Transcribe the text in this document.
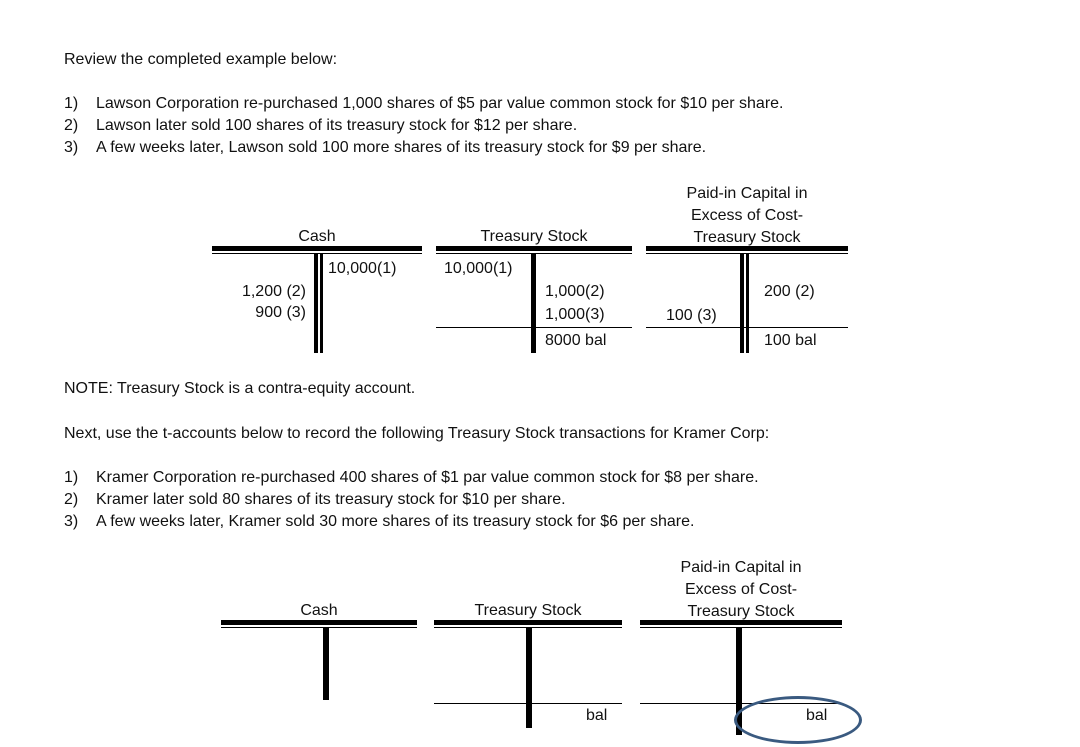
Review the completed example below:
1) Lawson Corporation re-purchased 1,000 shares of $5 par value common stock for $10 per share.
2) Lawson later sold 100 shares of its treasury stock for $12 per share.
3) A few weeks later, Lawson sold 100 more shares of its treasury stock for $9 per share.
Cash
1,200 (2)
900 (3)
10,000(1)
Treasury Stock
10,000(1)
1,000(2)
1,000(3)
8000 bal
Paid-in Capital in
Excess of Cost-
Treasury Stock
100 (3)
200 (2)
100 bal
NOTE: Treasury Stock is a contra-equity account.
Next, use the t-accounts below to record the following Treasury Stock transactions for Kramer Corp:
1) Kramer Corporation re-purchased 400 shares of $1 par value common stock for $8 per share.
2) Kramer later sold 80 shares of its treasury stock for $10 per share.
3) A few weeks later, Kramer sold 30 more shares of its treasury stock for $6 per share.
Cash	Treasury Stock
bal
Paid-in Capital in
Excess of Cost-
Treasury Stock
bal
